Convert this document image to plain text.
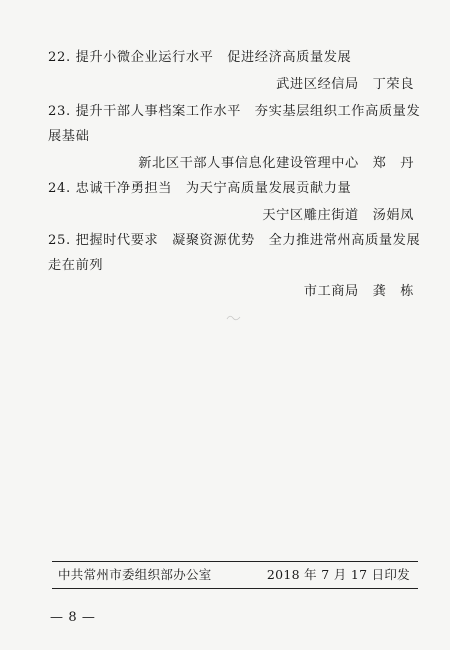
22. 提升小微企业运行水平　促进经济高质量发展
武进区经信局　丁荣良
23. 提升干部人事档案工作水平　夯实基层组织工作高质量发
展基础
新北区干部人事信息化建设管理中心　郑　丹
24. 忠诚干净勇担当　为天宁高质量发展贡献力量
天宁区雕庄街道　汤娟凤
25. 把握时代要求　凝聚资源优势　全力推进常州高质量发展
走在前列
市工商局　龚　栋
中共常州市委组织部办公室	2018 年 7 月 17 日印发
— 8 —
